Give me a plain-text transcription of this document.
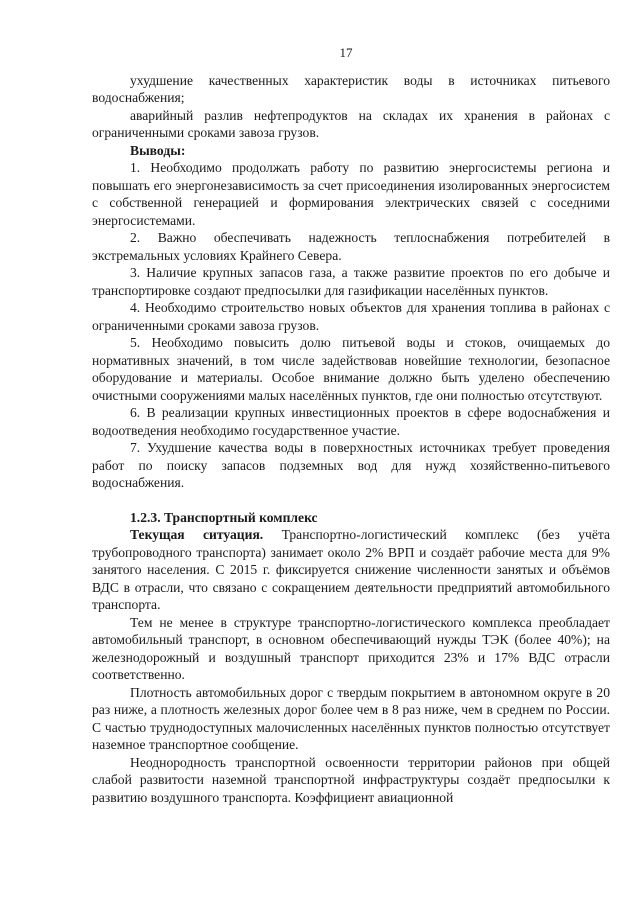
17

ухудшение качественных характеристик воды в источниках питьевого водоснабжения;

аварийный разлив нефтепродуктов на складах их хранения в районах с ограниченными сроками завоза грузов.

Выводы:

1. Необходимо продолжать работу по развитию энергосистемы региона и повышать его энергонезависимость за счет присоединения изолированных энергосистем с собственной генерацией и формирования электрических связей с соседними энергосистемами.

2. Важно обеспечивать надежность теплоснабжения потребителей в экстремальных условиях Крайнего Севера.

3. Наличие крупных запасов газа, а также развитие проектов по его добыче и транспортировке создают предпосылки для газификации населённых пунктов.

4. Необходимо строительство новых объектов для хранения топлива в районах с ограниченными сроками завоза грузов.

5. Необходимо повысить долю питьевой воды и стоков, очищаемых до нормативных значений, в том числе задействовав новейшие технологии, безопасное оборудование и материалы. Особое внимание должно быть уделено обеспечению очистными сооружениями малых населённых пунктов, где они полностью отсутствуют.

6. В реализации крупных инвестиционных проектов в сфере водоснабжения и водоотведения необходимо государственное участие.

7. Ухудшение качества воды в поверхностных источниках требует проведения работ по поиску запасов подземных вод для нужд хозяйственно-питьевого водоснабжения.

1.2.3. Транспортный комплекс

Текущая ситуация. Транспортно-логистический комплекс (без учёта трубопроводного транспорта) занимает около 2% ВРП и создаёт рабочие места для 9% занятого населения. С 2015 г. фиксируется снижение численности занятых и объёмов ВДС в отрасли, что связано с сокращением деятельности предприятий автомобильного транспорта.

Тем не менее в структуре транспортно-логистического комплекса преобладает автомобильный транспорт, в основном обеспечивающий нужды ТЭК (более 40%); на железнодорожный и воздушный транспорт приходится 23% и 17% ВДС отрасли соответственно.

Плотность автомобильных дорог с твердым покрытием в автономном округе в 20 раз ниже, а плотность железных дорог более чем в 8 раз ниже, чем в среднем по России. С частью труднодоступных малочисленных населённых пунктов полностью отсутствует наземное транспортное сообщение.

Неоднородность транспортной освоенности территории районов при общей слабой развитости наземной транспортной инфраструктуры создаёт предпосылки к развитию воздушного транспорта. Коэффициент авиационной
